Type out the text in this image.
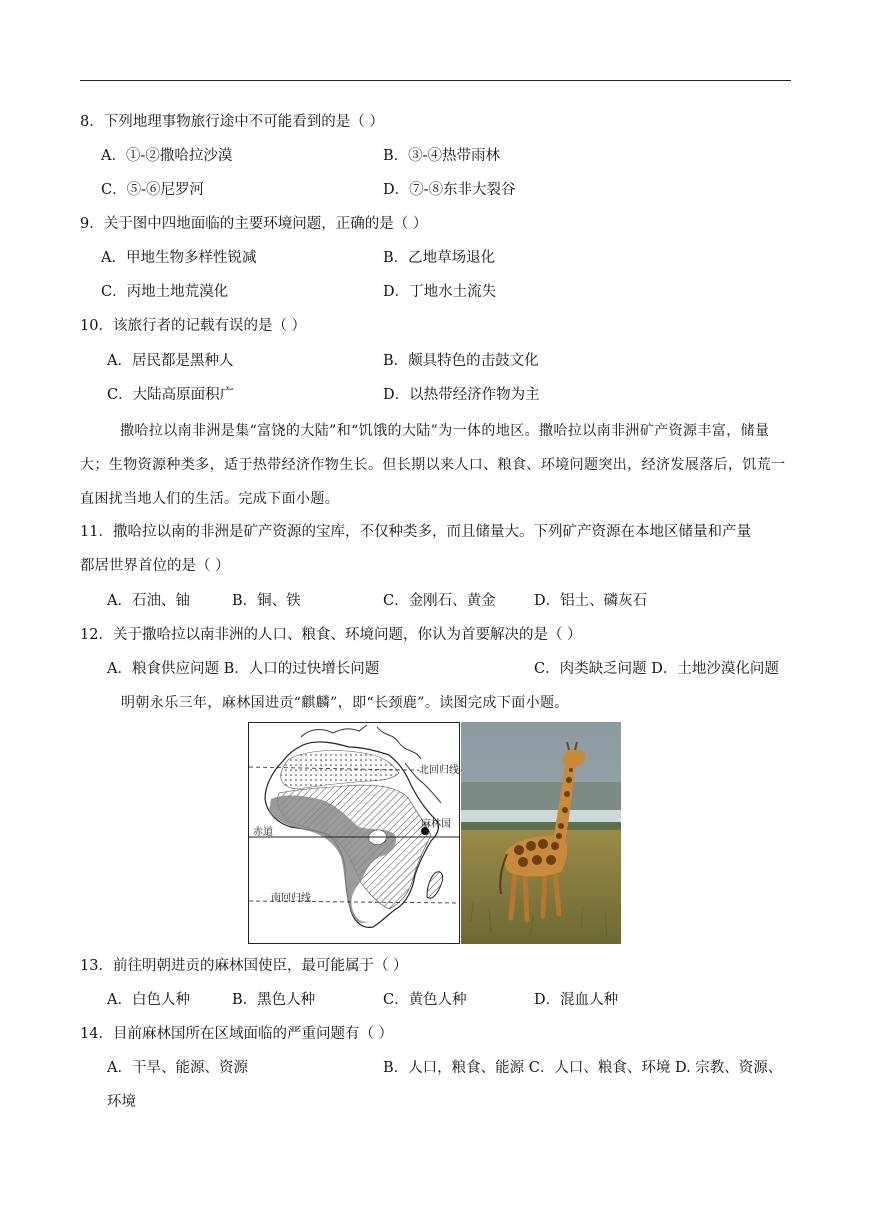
8．下列地理事物旅行途中不可能看到的是（ ）
A．①-②撒哈拉沙漠	B．③-④热带雨林
C．⑤-⑥尼罗河	D．⑦-⑧东非大裂谷
9．关于图中四地面临的主要环境问题，正确的是（ ）
A．甲地生物多样性锐减	B．乙地草场退化
C．丙地土地荒漠化	D．丁地水土流失
10．该旅行者的记载有误的是（ ）
A．居民都是黑种人	B．颇具特色的击鼓文化
C．大陆高原面积广	D．以热带经济作物为主
撒哈拉以南非洲是集“富饶的大陆”和“饥饿的大陆”为一体的地区。撒哈拉以南非洲矿产资源丰富，储量大；生物资源种类多，适于热带经济作物生长。但长期以来人口、粮食、环境问题突出，经济发展落后，饥荒一直困扰当地人们的生活。完成下面小题。
11．撒哈拉以南的非洲是矿产资源的宝库，不仅种类多，而且储量大。下列矿产资源在本地区储量和产量
都居世界首位的是（ ）
A．石油、铀	B．铜、铁	C．金刚石、黄金	D．铝土、磷灰石
12．关于撒哈拉以南非洲的人口、粮食、环境问题，你认为首要解决的是（ ）
A．粮食供应问题 B．人口的过快增长问题	C．肉类缺乏问题 D．土地沙漠化问题
明朝永乐三年，麻林国进贡“麒麟”，即“长颈鹿”。读图完成下面小题。
北回归线
赤道
南回归线
麻林国
13．前往明朝进贡的麻林国使臣，最可能属于（ ）
A．白色人种	B．黑色人种	C．黄色人种	D．混血人种
14．目前麻林国所在区域面临的严重问题有（ ）
A．干旱、能源、资源	B．人口，粮食、能源 C．人口、粮食、环境 D. 宗教、资源、
环境
